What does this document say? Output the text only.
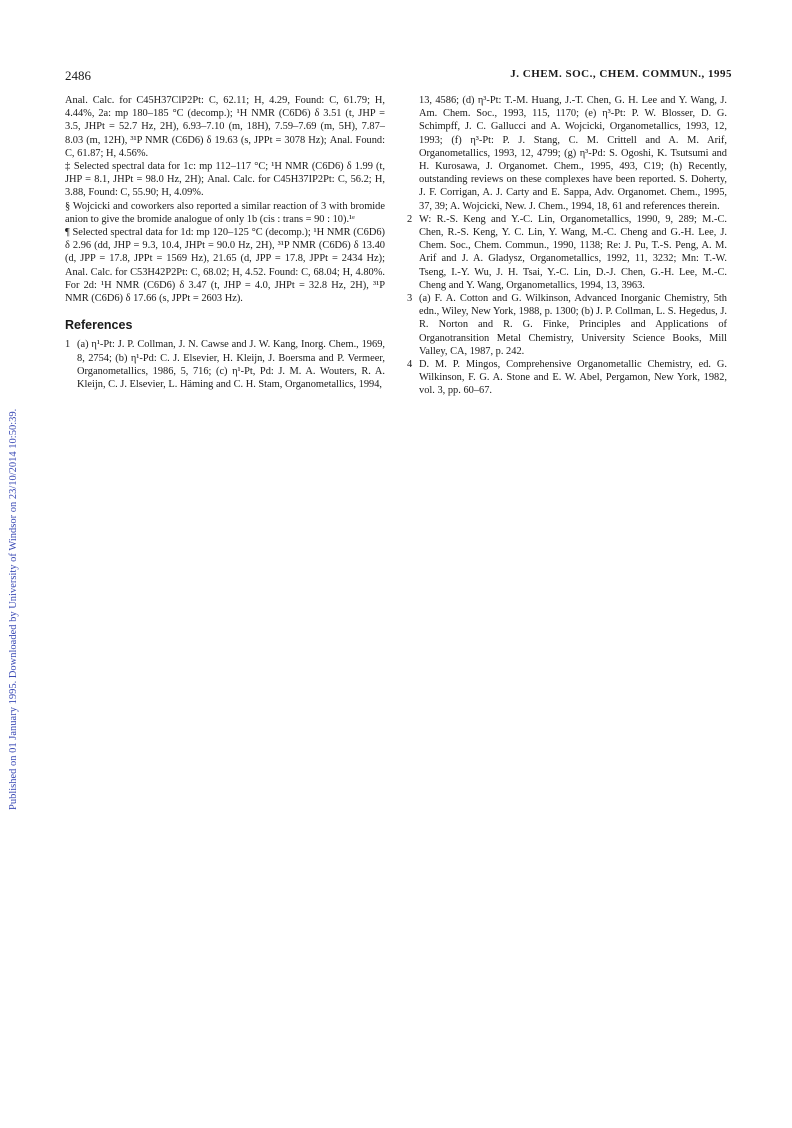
2486	J. CHEM. SOC., CHEM. COMMUN., 1995
Published on 01 January 1995. Downloaded by University of Windsor on 23/10/2014 10:50:39.

Anal. Calc. for C45H37ClP2Pt: C, 62.11; H, 4.29, Found: C, 61.79; H, 4.44%, 2a: mp 180–185 °C (decomp.); ¹H NMR (C6D6) δ 3.51 (t, JHP = 3.5, JHPt = 52.7 Hz, 2H), 6.93–7.10 (m, 18H), 7.59–7.69 (m, 5H), 7.87–8.03 (m, 12H), ³¹P NMR (C6D6) δ 19.63 (s, JPPt = 3078 Hz); Anal. Found: C, 61.87; H, 4.56%.

‡ Selected spectral data for 1c: mp 112–117 °C; ¹H NMR (C6D6) δ 1.99 (t, JHP = 8.1, JHPt = 98.0 Hz, 2H); Anal. Calc. for C45H37IP2Pt: C, 56.2; H, 3.88, Found: C, 55.90; H, 4.09%.

§ Wojcicki and coworkers also reported a similar reaction of 3 with bromide anion to give the bromide analogue of only 1b (cis : trans = 90 : 10).¹ᵉ

¶ Selected spectral data for 1d: mp 120–125 °C (decomp.); ¹H NMR (C6D6) δ 2.96 (dd, JHP = 9.3, 10.4, JHPt = 90.0 Hz, 2H), ³¹P NMR (C6D6) δ 13.40 (d, JPP = 17.8, JPPt = 1569 Hz), 21.65 (d, JPP = 17.8, JPPt = 2434 Hz); Anal. Calc. for C53H42P2Pt: C, 68.02; H, 4.52. Found: C, 68.04; H, 4.80%. For 2d: ¹H NMR (C6D6) δ 3.47 (t, JHP = 4.0, JHPt = 32.8 Hz, 2H), ³¹P NMR (C6D6) δ 17.66 (s, JPPt = 2603 Hz).

References
1 (a) η¹-Pt: J. P. Collman, J. N. Cawse and J. W. Kang, Inorg. Chem., 1969, 8, 2754; (b) η¹-Pd: C. J. Elsevier, H. Kleijn, J. Boersma and P. Vermeer, Organometallics, 1986, 5, 716; (c) η¹-Pt, Pd: J. M. A. Wouters, R. A. Kleijn, C. J. Elsevier, L. Häming and C. H. Stam, Organometallics, 1994,
13, 4586; (d) η³-Pt: T.-M. Huang, J.-T. Chen, G. H. Lee and Y. Wang, J. Am. Chem. Soc., 1993, 115, 1170; (e) η³-Pt: P. W. Blosser, D. G. Schimpff, J. C. Gallucci and A. Wojcicki, Organometallics, 1993, 12, 1993; (f) η³-Pt: P. J. Stang, C. M. Crittell and A. M. Arif, Organometallics, 1993, 12, 4799; (g) η³-Pd: S. Ogoshi, K. Tsutsumi and H. Kurosawa, J. Organomet. Chem., 1995, 493, C19; (h) Recently, outstanding reviews on these complexes have been reported. S. Doherty, J. F. Corrigan, A. J. Carty and E. Sappa, Adv. Organomet. Chem., 1995, 37, 39; A. Wojcicki, New. J. Chem., 1994, 18, 61 and references therein.
2 W: R.-S. Keng and Y.-C. Lin, Organometallics, 1990, 9, 289; M.-C. Chen, R.-S. Keng, Y. C. Lin, Y. Wang, M.-C. Cheng and G.-H. Lee, J. Chem. Soc., Chem. Commun., 1990, 1138; Re: J. Pu, T.-S. Peng, A. M. Arif and J. A. Gladysz, Organometallics, 1992, 11, 3232; Mn: T.-W. Tseng, I.-Y. Wu, J. H. Tsai, Y.-C. Lin, D.-J. Chen, G.-H. Lee, M.-C. Cheng and Y. Wang, Organometallics, 1994, 13, 3963.
3 (a) F. A. Cotton and G. Wilkinson, Advanced Inorganic Chemistry, 5th edn., Wiley, New York, 1988, p. 1300; (b) J. P. Collman, L. S. Hegedus, J. R. Norton and R. G. Finke, Principles and Applications of Organotransition Metal Chemistry, University Science Books, Mill Valley, CA, 1987, p. 242.
4 D. M. P. Mingos, Comprehensive Organometallic Chemistry, ed. G. Wilkinson, F. G. A. Stone and E. W. Abel, Pergamon, New York, 1982, vol. 3, pp. 60–67.
